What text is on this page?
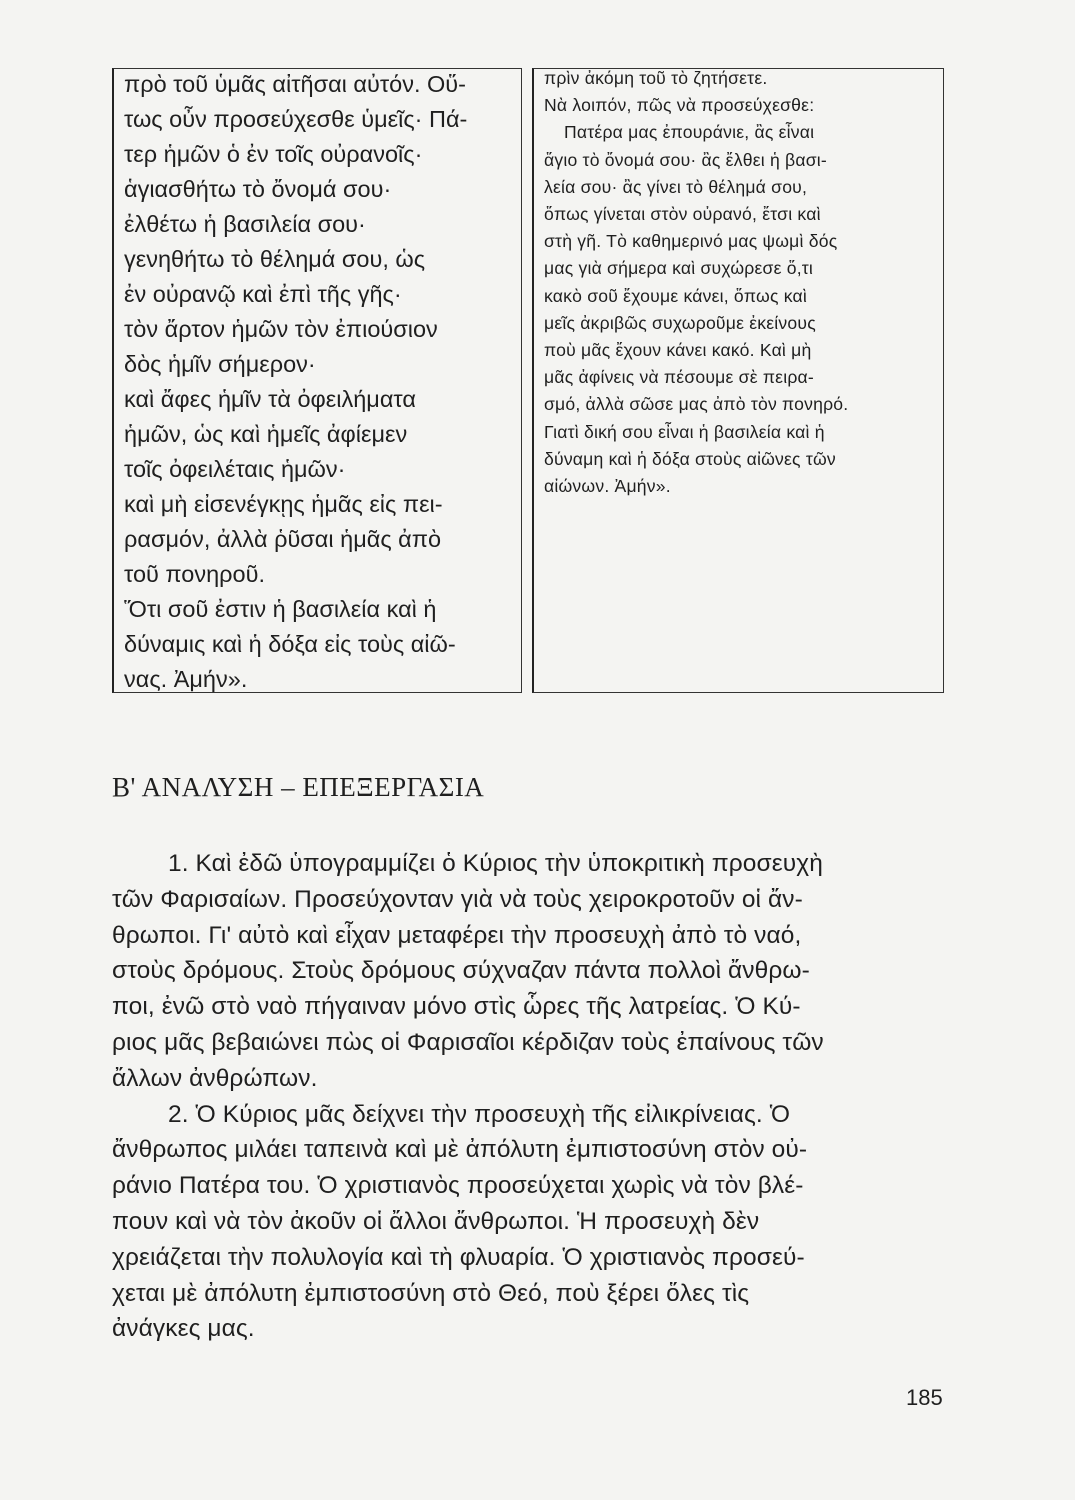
πρὸ τοῦ ὑμᾶς αἰτῆσαι αὐτόν. Οὕ-
τως οὖν προσεύχεσθε ὑμεῖς· Πά-
τερ ἡμῶν ὁ ἐν τοῖς οὐρανοῖς·
ἁγιασθήτω τὸ ὄνομά σου·
ἐλθέτω ἡ βασιλεία σου·
γενηθήτω τὸ θέλημά σου, ὡς
ἐν οὐρανῷ καὶ ἐπὶ τῆς γῆς·
τὸν ἄρτον ἡμῶν τὸν ἐπιούσιον
δὸς ἡμῖν σήμερον·
καὶ ἄφες ἡμῖν τὰ ὀφειλήματα
ἡμῶν, ὡς καὶ ἡμεῖς ἀφίεμεν
τοῖς ὀφειλέταις ἡμῶν·
καὶ μὴ εἰσενέγκῃς ἡμᾶς εἰς πει-
ρασμόν, ἀλλὰ ῥῦσαι ἡμᾶς ἀπὸ
τοῦ πονηροῦ.
Ὅτι σοῦ ἐστιν ἡ βασιλεία καὶ ἡ
δύναμις καὶ ἡ δόξα εἰς τοὺς αἰῶ-
νας. Ἀμήν».
πρὶν ἀκόμη τοῦ τὸ ζητήσετε.
Νὰ λοιπόν, πῶς νὰ προσεύχεσθε:
Πατέρα μας ἐπουράνιε, ἂς εἶναι
ἅγιο τὸ ὄνομά σου· ἂς ἔλθει ἡ βασι-
λεία σου· ἂς γίνει τὸ θέλημά σου,
ὅπως γίνεται στὸν οὐρανό, ἔτσι καὶ
στὴ γῆ. Τὸ καθημερινό μας ψωμὶ δός
μας γιὰ σήμερα καὶ συχώρεσε ὅ,τι
κακὸ σοῦ ἔχουμε κάνει, ὅπως καὶ
μεῖς ἀκριβῶς συχωροῦμε ἐκείνους
ποὺ μᾶς ἔχουν κάνει κακό. Καὶ μὴ
μᾶς ἀφίνεις νὰ πέσουμε σὲ πειρα-
σμό, ἀλλὰ σῶσε μας ἀπὸ τὸν πονηρό.
Γιατὶ δική σου εἶναι ἡ βασιλεία καὶ ἡ
δύναμη καὶ ἡ δόξα στοὺς αἰῶνες τῶν
αἰώνων. Ἀμήν».
Β' ΑΝΑΛΥΣΗ – ΕΠΕΞΕΡΓΑΣΙΑ
1. Καὶ ἐδῶ ὑπογραμμίζει ὁ Κύριος τὴν ὑποκριτικὴ προσευχὴ
τῶν Φαρισαίων. Προσεύχονταν γιὰ νὰ τοὺς χειροκροτοῦν οἱ ἄν-
θρωποι. Γι' αὐτὸ καὶ εἶχαν μεταφέρει τὴν προσευχὴ ἀπὸ τὸ ναό,
στοὺς δρόμους. Στοὺς δρόμους σύχναζαν πάντα πολλοὶ ἄνθρω-
ποι, ἐνῶ στὸ ναὸ πήγαιναν μόνο στὶς ὧρες τῆς λατρείας. Ὁ Κύ-
ριος μᾶς βεβαιώνει πὼς οἱ Φαρισαῖοι κέρδιζαν τοὺς ἐπαίνους τῶν
ἄλλων ἀνθρώπων.
2. Ὁ Κύριος μᾶς δείχνει τὴν προσευχὴ τῆς εἰλικρίνειας. Ὁ
ἄνθρωπος μιλάει ταπεινὰ καὶ μὲ ἀπόλυτη ἐμπιστοσύνη στὸν οὐ-
ράνιο Πατέρα του. Ὁ χριστιανὸς προσεύχεται χωρὶς νὰ τὸν βλέ-
πουν καὶ νὰ τὸν ἀκοῦν οἱ ἄλλοι ἄνθρωποι. Ἡ προσευχὴ δὲν
χρειάζεται τὴν πολυλογία καὶ τὴ φλυαρία. Ὁ χριστιανὸς προσεύ-
χεται μὲ ἀπόλυτη ἐμπιστοσύνη στὸ Θεό, ποὺ ξέρει ὅλες τὶς
ἀνάγκες μας.
185
